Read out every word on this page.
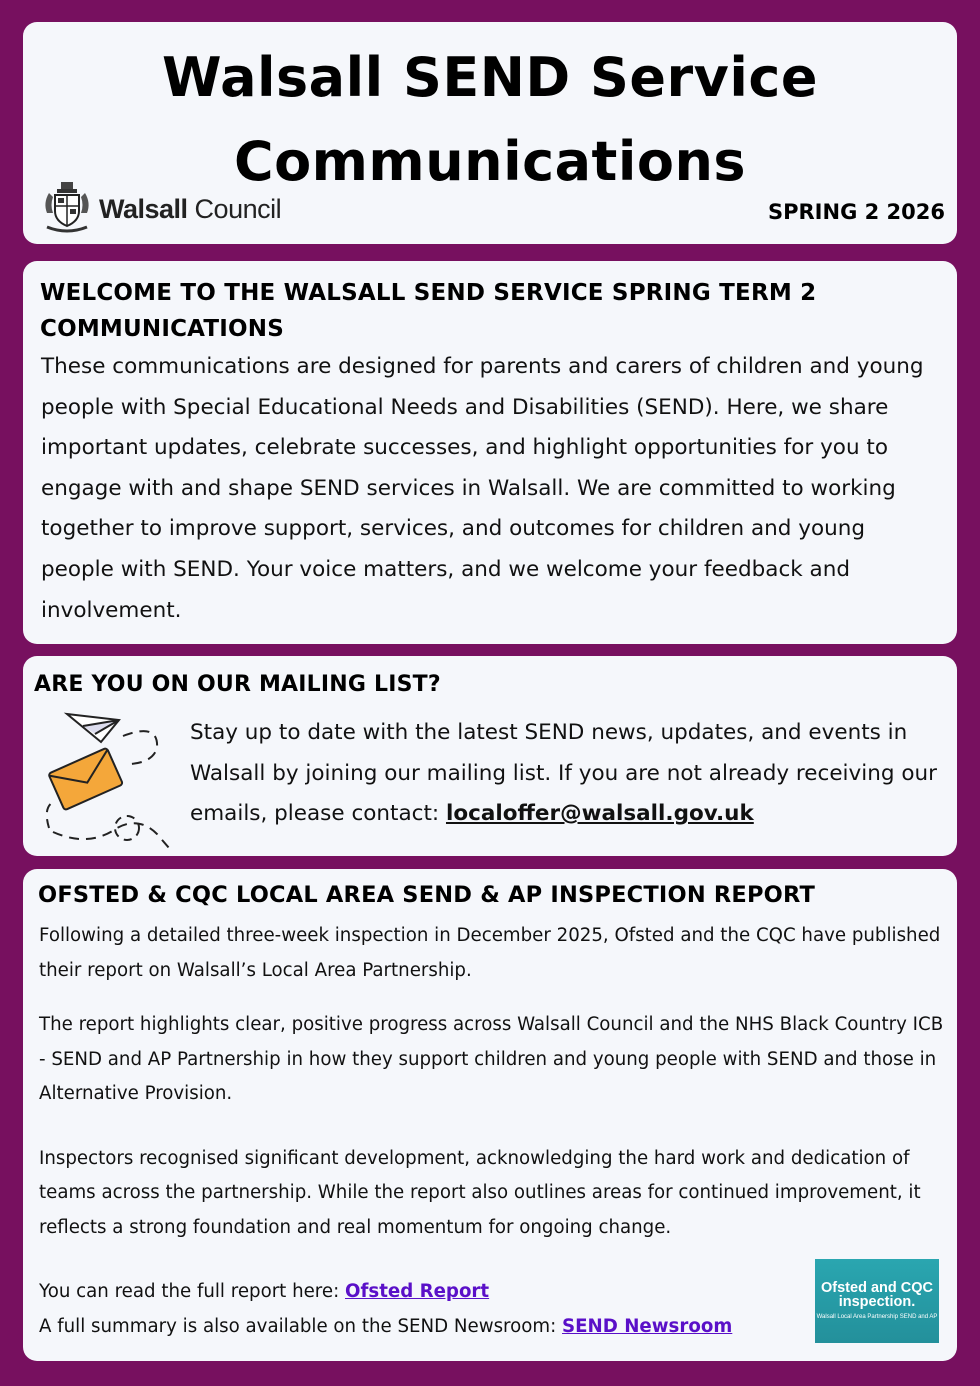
Walsall SEND Service
Communications
Walsall Council	SPRING 2 2026
WELCOME TO THE WALSALL SEND SERVICE SPRING TERM 2 COMMUNICATIONS

These communications are designed for parents and carers of children and young people with Special Educational Needs and Disabilities (SEND). Here, we share important updates, celebrate successes, and highlight opportunities for you to engage with and shape SEND services in Walsall. We are committed to working together to improve support, services, and outcomes for children and young people with SEND. Your voice matters, and we welcome your feedback and involvement.

ARE YOU ON OUR MAILING LIST?

Stay up to date with the latest SEND news, updates, and events in Walsall by joining our mailing list. If you are not already receiving our emails, please contact: localoffer@walsall.gov.uk

OFSTED & CQC LOCAL AREA SEND & AP INSPECTION REPORT

Following a detailed three-week inspection in December 2025, Ofsted and the CQC have published their report on Walsall’s Local Area Partnership.

The report highlights clear, positive progress across Walsall Council and the NHS Black Country ICB - SEND and AP Partnership in how they support children and young people with SEND and those in Alternative Provision.

Inspectors recognised significant development, acknowledging the hard work and dedication of teams across the partnership. While the report also outlines areas for continued improvement, it reflects a strong foundation and real momentum for ongoing change.

You can read the full report here: Ofsted Report

A full summary is also available on the SEND Newsroom: SEND Newsroom

Ofsted and CQC inspection.
Walsall Local Area Partnership SEND and AP
